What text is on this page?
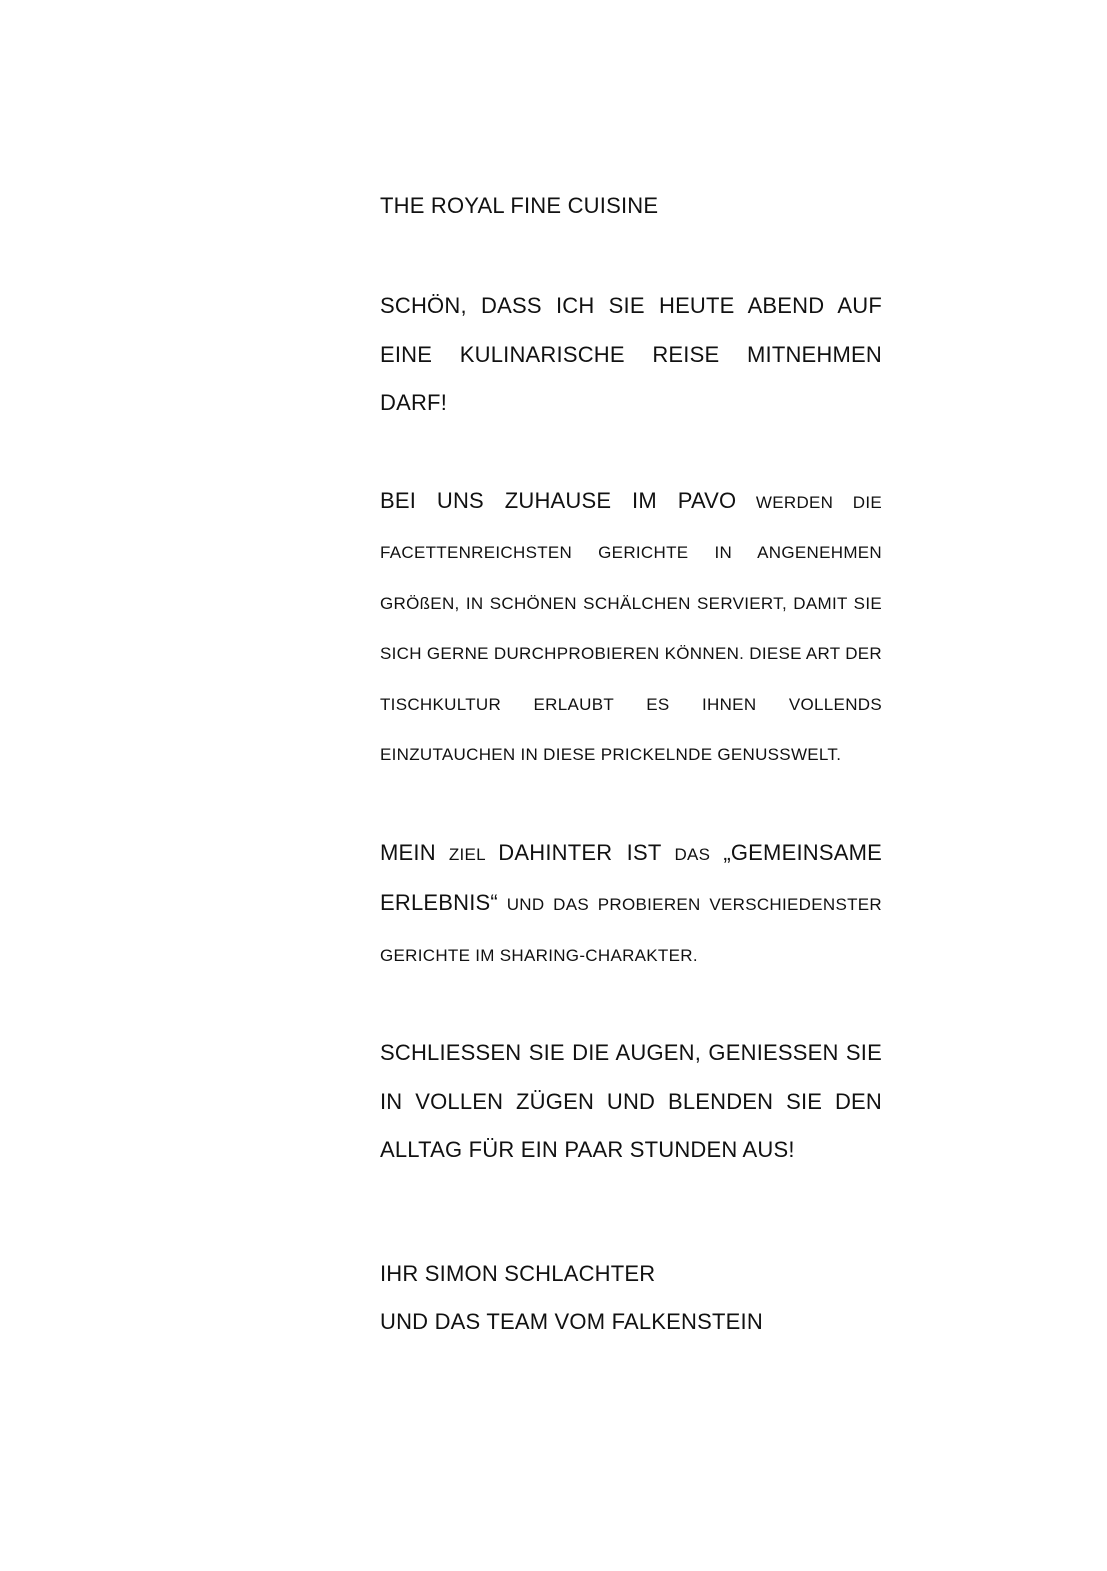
THE ROYAL FINE CUISINE

SCHÖN, DASS ICH SIE HEUTE ABEND AUF EINE KULINARISCHE REISE MITNEHMEN DARF!

BEI UNS ZUHAUSE IM PAVO WERDEN DIE FACETTENREICHSTEN GERICHTE IN ANGENEHMEN GRÖßEN, IN SCHÖNEN SCHÄLCHEN SERVIERT, DAMIT SIE SICH GERNE DURCHPROBIEREN KÖNNEN. DIESE ART DER TISCHKULTUR ERLAUBT ES IHNEN VOLLENDS EINZUTAUCHEN IN DIESE PRICKELNDE GENUSSWELT.

MEIN ZIEL DAHINTER IST DAS „GEMEINSAME ERLEBNIS“ UND DAS PROBIEREN VERSCHIEDENSTER GERICHTE IM SHARING-CHARAKTER.

SCHLIESSEN SIE DIE AUGEN, GENIESSEN SIE IN VOLLEN ZÜGEN UND BLENDEN SIE DEN ALLTAG FÜR EIN PAAR STUNDEN AUS!

IHR SIMON SCHLACHTER

UND DAS TEAM VOM FALKENSTEIN
